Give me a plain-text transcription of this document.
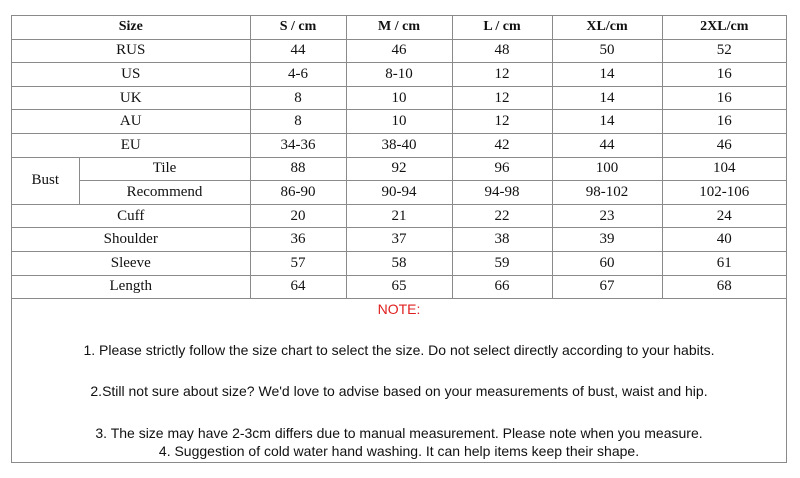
Size		S / cm	M / cm	L / cm	XL/cm	2XL/cm
RUS		44	46	48	50	52
US		4-6	8-10	12	14	16
UK		8	10	12	14	16
AU		8	10	12	14	16
EU		34-36	38-40	42	44	46
Bust	Tile	88	92	96	100	104
	Recommend	86-90	90-94	94-98	98-102	102-106
Cuff		20	21	22	23	24
Shoulder		36	37	38	39	40
Sleeve		57	58	59	60	61
Length		64	65	66	67	68
NOTE:
1. Please strictly follow the size chart to select the size. Do not select directly according to your habits.
2.Still not sure about size? We'd love to advise based on your measurements of bust, waist and hip.
3. The size may have 2-3cm differs due to manual measurement. Please note when you measure.
4. Suggestion of cold water hand washing. It can help items keep their shape.
